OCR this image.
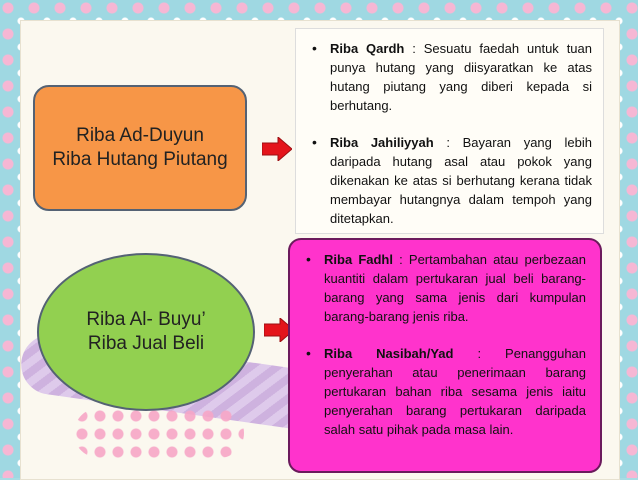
Riba Ad-Duyun
Riba Hutang Piutang
Riba Al- Buyu’
Riba Jual Beli
• Riba Qardh : Sesuatu faedah untuk tuan punya hutang yang diisyaratkan ke atas hutang piutang yang diberi kepada si berhutang.
• Riba Jahiliyyah : Bayaran yang lebih daripada hutang asal atau pokok yang dikenakan ke atas si berhutang kerana tidak membayar hutangnya dalam tempoh yang ditetapkan.
• Riba Fadhl : Pertambahan atau perbezaan kuantiti dalam pertukaran jual beli barang-barang yang sama jenis dari kumpulan barang-barang jenis riba.
• Riba Nasibah/Yad : Penangguhan penyerahan atau penerimaan barang pertukaran bahan riba sesama jenis iaitu penyerahan barang pertukaran daripada salah satu pihak pada masa lain.
